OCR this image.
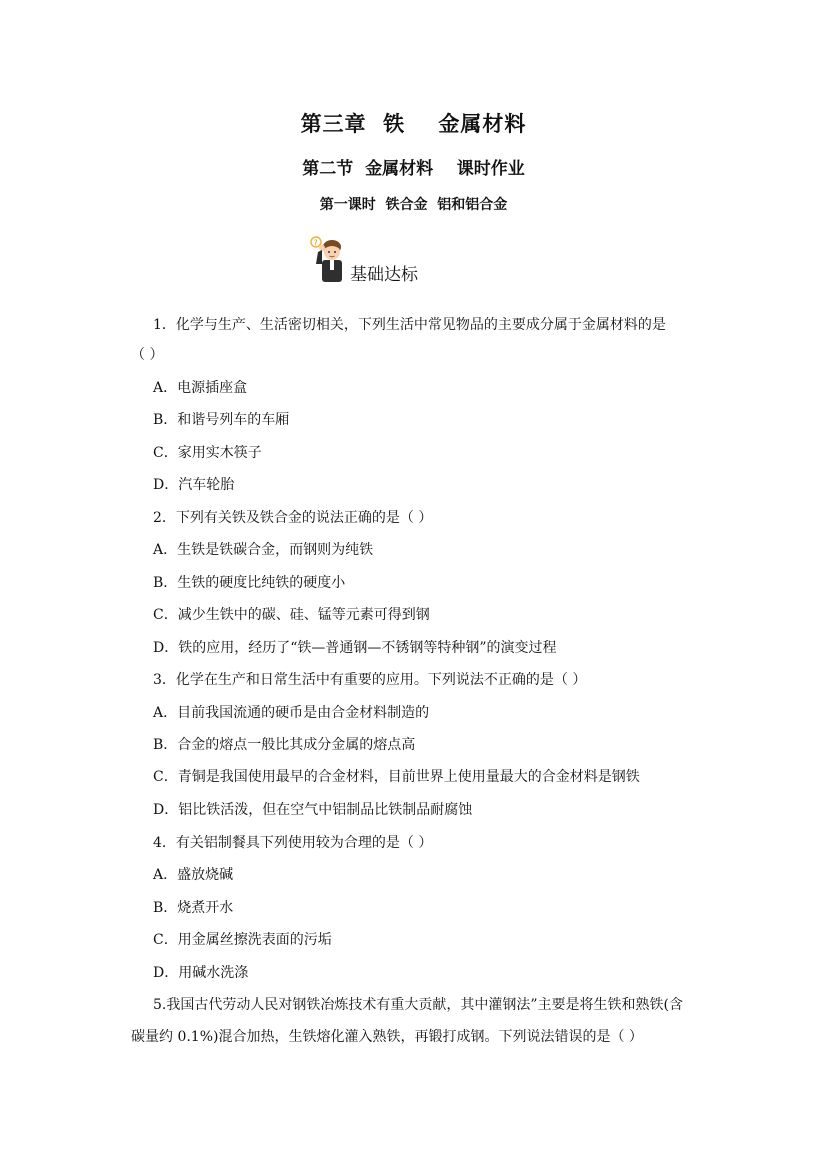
第三章  铁    金属材料
第二节  金属材料    课时作业
第一课时  铁合金  铝和铝合金
?
基础达标
1．化学与生产、生活密切相关，下列生活中常见物品的主要成分属于金属材料的是
（ ）
A．电源插座盒
B．和谐号列车的车厢
C．家用实木筷子
D．汽车轮胎
2．下列有关铁及铁合金的说法正确的是（ ）
A．生铁是铁碳合金，而钢则为纯铁
B．生铁的硬度比纯铁的硬度小
C．减少生铁中的碳、硅、锰等元素可得到钢
D．铁的应用，经历了“铁—普通钢—不锈钢等特种钢”的演变过程
3．化学在生产和日常生活中有重要的应用。下列说法不正确的是（ ）
A．目前我国流通的硬币是由合金材料制造的
B．合金的熔点一般比其成分金属的熔点高
C．青铜是我国使用最早的合金材料，目前世界上使用量最大的合金材料是钢铁
D．铝比铁活泼，但在空气中铝制品比铁制品耐腐蚀
4．有关铝制餐具下列使用较为合理的是（ ）
A．盛放烧碱
B．烧煮开水
C．用金属丝擦洗表面的污垢
D．用碱水洗涤
5.我国古代劳动人民对钢铁冶炼技术有重大贡献，其中灌钢法”主要是将生铁和熟铁(含
碳量约 0.1%)混合加热，生铁熔化灌入熟铁，再锻打成钢。下列说法错误的是（ ）
